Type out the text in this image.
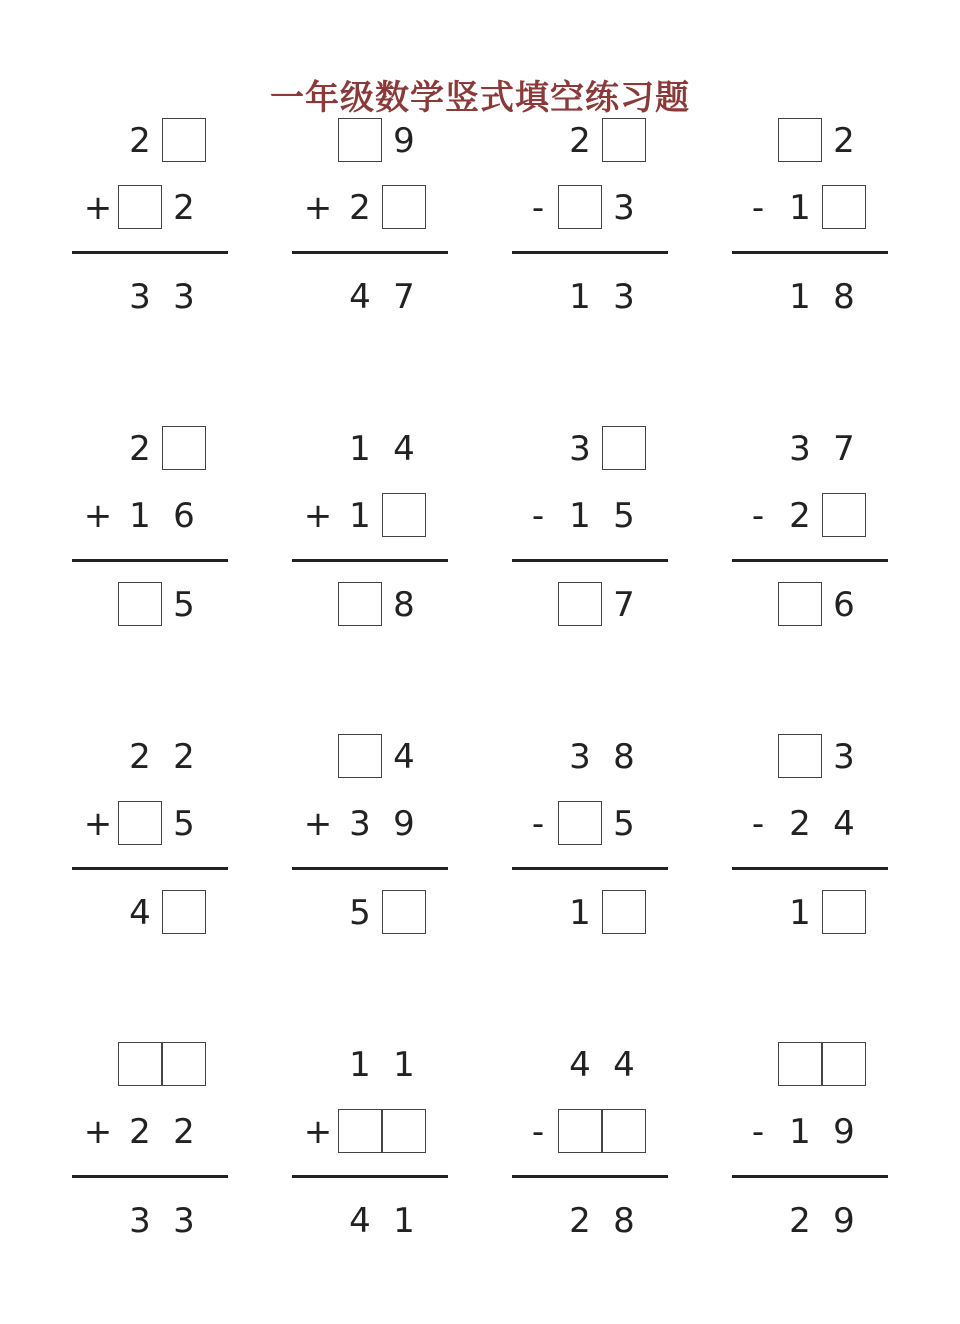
一年级数学竖式填空练习题
2
+	2
3 3
9
+ 2
4 7
2
-	3
1 3
2
- 1
1 8
2
+ 1 6
5
1 4
+ 1
8
3
- 1 5
7
3 7
- 2
6
2 2
+	5
4
4
+ 3 9
5
3 8
-	5
1
3
- 2 4
1
+ 2 2
3 3
1 1
+
4 1
4 4
-
2 8
- 1 9
2 9
